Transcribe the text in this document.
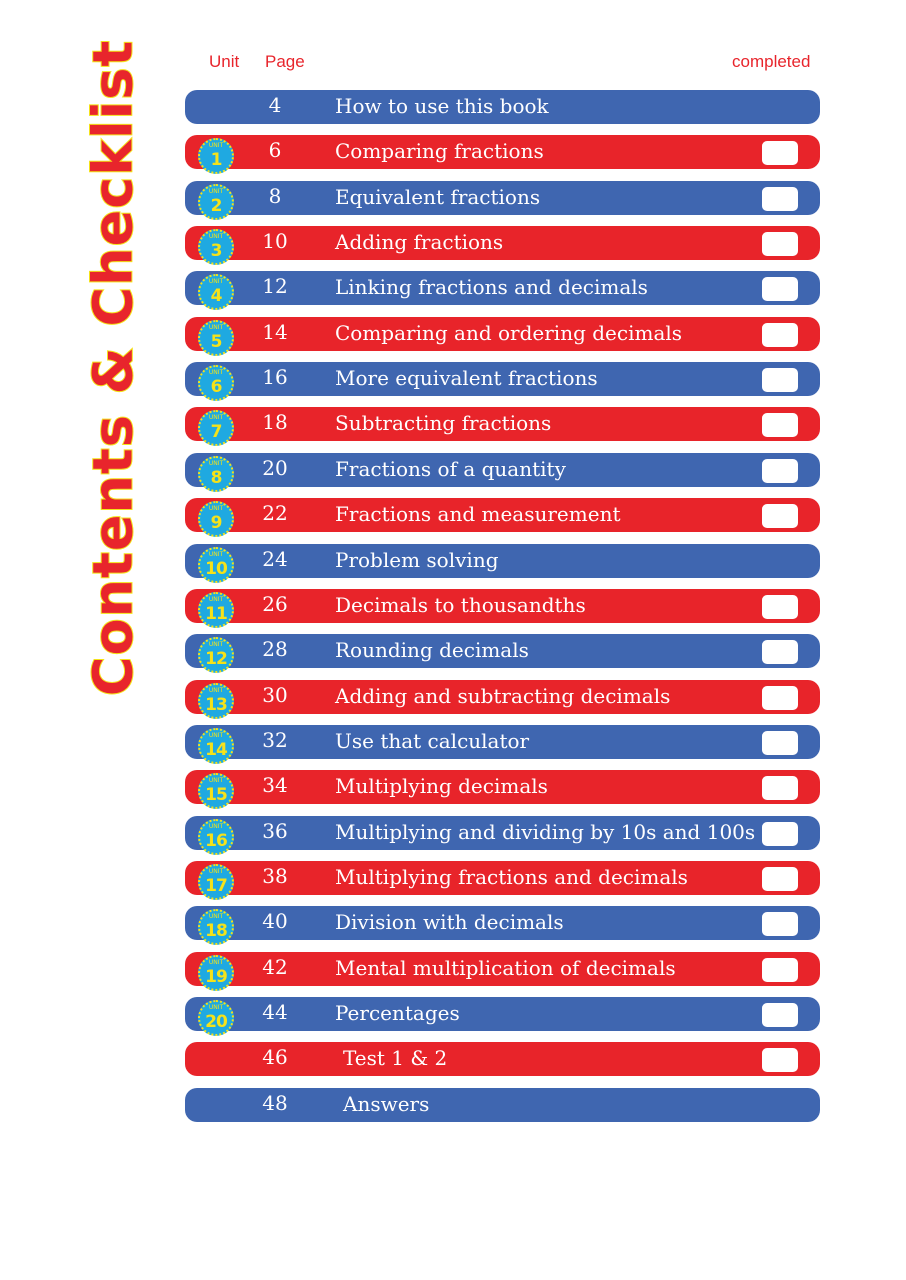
Contents & Checklist	Unit Page	completed
4	How to use this book
UNIT
1	6	Comparing fractions
UNIT
2	8	Equivalent fractions
UNIT
3	10	Adding fractions
UNIT
4	12	Linking fractions and decimals
UNIT
5	14	Comparing and ordering decimals
UNIT
6	16	More equivalent fractions
UNIT
7	18	Subtracting fractions
UNIT
8	20	Fractions of a quantity
UNIT
9	22	Fractions and measurement
UNIT
10	24	Problem solving
UNIT
11	26	Decimals to thousandths
UNIT
12	28	Rounding decimals
UNIT
13	30	Adding and subtracting decimals
UNIT
14	32	Use that calculator
UNIT
15	34	Multiplying decimals
UNIT
16	36	Multiplying and dividing by 10s and 100s
UNIT
17	38	Multiplying fractions and decimals
UNIT
18	40	Division with decimals
UNIT
19	42	Mental multiplication of decimals
UNIT
20	44	Percentages
46	Test 1 & 2
48	Answers
